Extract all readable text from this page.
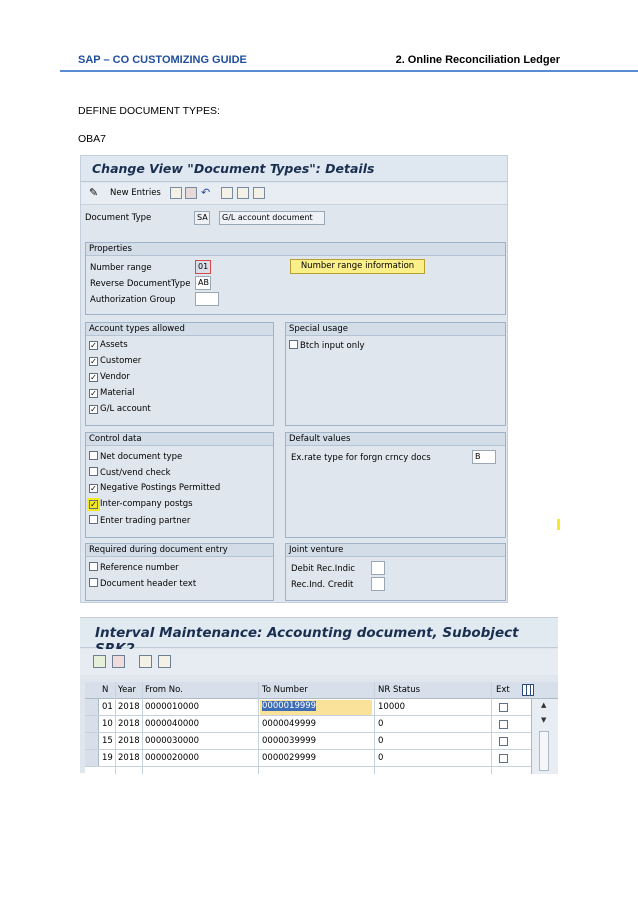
SAP – CO CUSTOMIZING GUIDE	2. Online Reconciliation Ledger
DEFINE DOCUMENT TYPES:
OBA7
Change View "Document Types": Details
✎ New Entries	↶
Document Type	SA	G/L account document
Properties
Number range	01
Reverse DocumentType AB
Authorization Group
Number range information
Account types allowed
✓ Assets
✓ Customer
✓ Vendor
✓ Material
✓ G/L account
Special usage
Btch input only
Control data
Net document type
Cust/vend check
✓ Negative Postings Permitted
✓ Inter-company postgs
Enter trading partner
Default values
Ex.rate type for forgn crncy docs	B
Required during document entry
Reference number
Document header text
Joint venture
Debit Rec.Indic
Rec.Ind. Credit
Interval Maintenance: Accounting document, Subobject
N Year From No.	To Number	NR Status	Ext
01 2018 0000010000	0000019999	10000
10 2018 0000040000	0000049999	0
15 2018 0000030000	0000039999	0
19 2018 0000020000	0000029999	0
▲
▼
